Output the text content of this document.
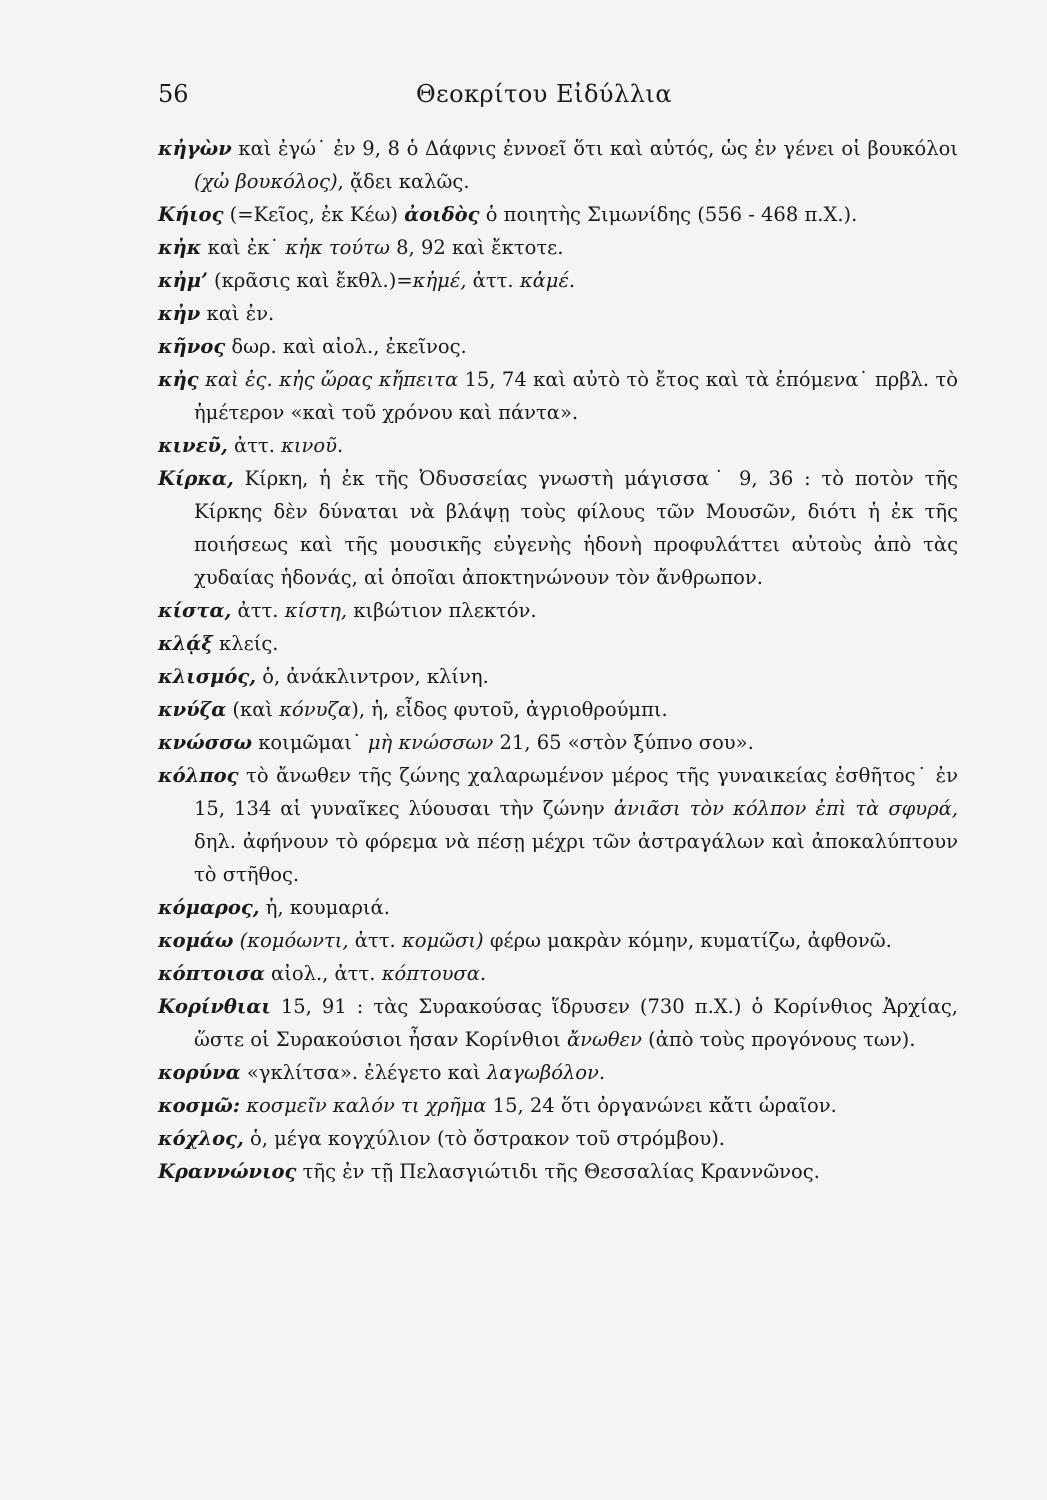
56	Θεοκρίτου Εἰδύλλια

κἠγὼν καὶ ἐγώ˙ ἐν 9, 8 ὁ Δάφνις ἐννοεῖ ὅτι καὶ αὐτός, ὡς ἐν γένει οἱ βουκόλοι (χὠ βουκόλος), ᾄδει καλῶς.

Κήιος (=Κεῖος, ἐκ Κέω) ἀοιδὸς ὁ ποιητὴς Σιμωνίδης (556 - 468 π.Χ.).

κἠκ καὶ ἐκ˙ κἠκ τούτω 8, 92 καὶ ἔκτοτε.

κἠμ’ (κρᾶσις καὶ ἔκθλ.)=κἠμέ, ἀττ. κἀμέ.

κἠν καὶ ἐν.

κῆνος δωρ. καὶ αἰολ., ἐκεῖνος.

κἠς καὶ ἐς. κἠς ὥρας κἤπειτα 15, 74 καὶ αὐτὸ τὸ ἔτος καὶ τὰ ἑπόμενα˙ πρβλ. τὸ ἡμέτερον «καὶ τοῦ χρόνου καὶ πάντα».

κινεῦ, ἀττ. κινοῦ.

Κίρκα, Κίρκη, ἡ ἐκ τῆς Ὀδυσσείας γνωστὴ μάγισσα˙ 9, 36 : τὸ ποτὸν τῆς Κίρκης δὲν δύναται νὰ βλάψῃ τοὺς φίλους τῶν Μουσῶν, διότι ἡ ἐκ τῆς ποιήσεως καὶ τῆς μουσικῆς εὐγενὴς ἡδονὴ προφυλάττει αὐτοὺς ἀπὸ τὰς χυδαίας ἡδονάς, αἱ ὁποῖαι ἀποκτηνώνουν τὸν ἄνθρωπον.

κίστα, ἀττ. κίστη, κιβώτιον πλεκτόν.

κλᾴξ κλείς.

κλισμός, ὁ, ἀνάκλιντρον, κλίνη.

κνύζα (καὶ κόνυζα), ἡ, εἶδος φυτοῦ, ἀγριοθρούμπι.

κνώσσω κοιμῶμαι˙ μὴ κνώσσων 21, 65 «στὸν ξύπνο σου».

κόλπος τὸ ἄνωθεν τῆς ζώνης χαλαρωμένον μέρος τῆς γυναικείας ἐσθῆτος˙ ἐν 15, 134 αἱ γυναῖκες λύουσαι τὴν ζώνην ἀνιᾶσι τὸν κόλπον ἐπὶ τὰ σφυρά, δηλ. ἀφήνουν τὸ φόρεμα νὰ πέσῃ μέχρι τῶν ἀστραγάλων καὶ ἀποκαλύπτουν τὸ στῆθος.

κόμαρος, ἡ, κουμαριά.

κομάω (κομόωντι, ἀττ. κομῶσι) φέρω μακρὰν κόμην, κυματίζω, ἀφθονῶ.

κόπτοισα αἰολ., ἀττ. κόπτουσα.

Κορίνθιαι 15, 91 : τὰς Συρακούσας ἵδρυσεν (730 π.Χ.) ὁ Κορίνθιος Ἀρχίας, ὥστε οἱ Συρακούσιοι ἦσαν Κορίνθιοι ἄνωθεν (ἀπὸ τοὺς προγόνους των).

κορύνα «γκλίτσα». ἐλέγετο καὶ λαγωβόλον.

κοσμῶ: κοσμεῖν καλόν τι χρῆμα 15, 24 ὅτι ὀργανώνει κἄτι ὡραῖον.

κόχλος, ὁ, μέγα κογχύλιον (τὸ ὄστρακον τοῦ στρόμβου).

Κραννώνιος τῆς ἐν τῇ Πελασγιώτιδι τῆς Θεσσαλίας Κραννῶνος.
